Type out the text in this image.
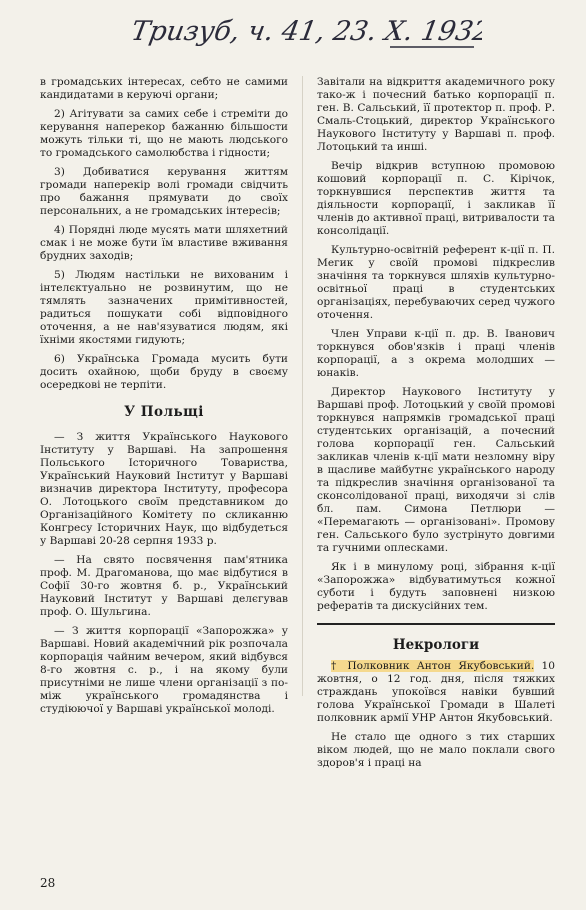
Тризуб, ч. 41, 23. X. 1932

в громадських інтересах, себто не самими кандидатами в керуючі органи;

2) Агітувати за самих себе і стреміти до керування наперекор бажанню більшости можуть тільки ті, що не мають людського то громадського самолюбства і гідности;

3) Добиватися керування життям громади наперекір волі громади свідчить про бажання прямувати до своїх персональних, а не громадських інтересів;

4) Порядні люде мусять мати шляхетний смак і не може бути їм властиве вживання брудних заходів;

5) Людям настільки не вихованим і інтелєктуально не розвинутим, що не тямлять зазначених примітивностей, радиться пошукати собі відповідного оточення, а не нав'язуватися людям, які їхніми якостями гидують;

6) Українська Громада мусить бути досить охайною, щоби бруду в своєму осередкові не терпіти.

У Польщі

— З життя Українського Наукового Інституту у Варшаві. На запрошення Польського Історичного Товариства, Український Науковий Інститут у Варшаві визначив директора Інституту, професора О. Лотоцького своїм представником до Організаційного Комітету по скликанню Конгресу Історичних Наук, що відбудеться у Варшаві 20-28 серпня 1933 р.

— На свято посвячення пам'ятника проф. М. Драгоманова, що має відбутися в Софії 30-го жовтня б. р., Український Науковий Інститут у Варшаві делєгував проф. О. Шульгина.

— З життя корпорації «Запорожжа» у Варшаві. Новий академічний рік розпочала корпорація чайним вечером, який відбувся 8-го жовтня с. р., і на якому були присутніми не лише члени організації з по-між українського громадянства і студіюючої у Варшаві української молоді.

Завітали на відкриття академичного року тако-ж і почесний батько корпорації п. ген. В. Сальський, її протектор п. проф. Р. Смаль-Стоцький, директор Українського Наукового Інституту у Варшаві п. проф. Лотоцький та инші.

Вечір відкрив вступною промовою кошовий корпорації п. С. Кірічок, торкнувшися перспектив життя та діяльности корпорації, і закликав її членів до активної праці, витривалости та консолідації.

Культурно-освітній референт к-ції п. П. Мегик у своїй промові підкреслив значіння та торкнувся шляхів культурно-освітньої праці в студентських організаціях, перебуваючих серед чужого оточення.

Член Управи к-ції п. др. В. Іванович торкнувся обов'язків і праці членів корпорації, а з окрема молодших — юнаків.

Директор Наукового Інституту у Варшаві проф. Лотоцький у своїй промові торкнувся напрямків громадської праці студентських організацій, а почесний голова корпорації ген. Сальський закликав членів к-ції мати незломну віру в щасливе майбутнє українського народу та підкреслив значіння організованої та сконсолідованої праці, виходячи зі слів бл. пам. Симона Петлюри — «Перемагають — організовані». Промову ген. Сальського було зустрінуто довгими та гучними оплесками.

Як і в минулому році, зібрання к-ції «Запорожжа» відбуватимуться кожної суботи і будуть заповнені низкою рефератів та дискусійних тем.

Некрологи

† Полковник Антон Якубовський. 10 жовтня, о 12 год. дня, після тяжких страждань упокоївся навіки бувший голова Української Громади в Шалеті полковник армії УНР Антон Якубовський.

Не стало ще одного з тих старших віком людей, що не мало поклали свого здоров'я і праці на

28
